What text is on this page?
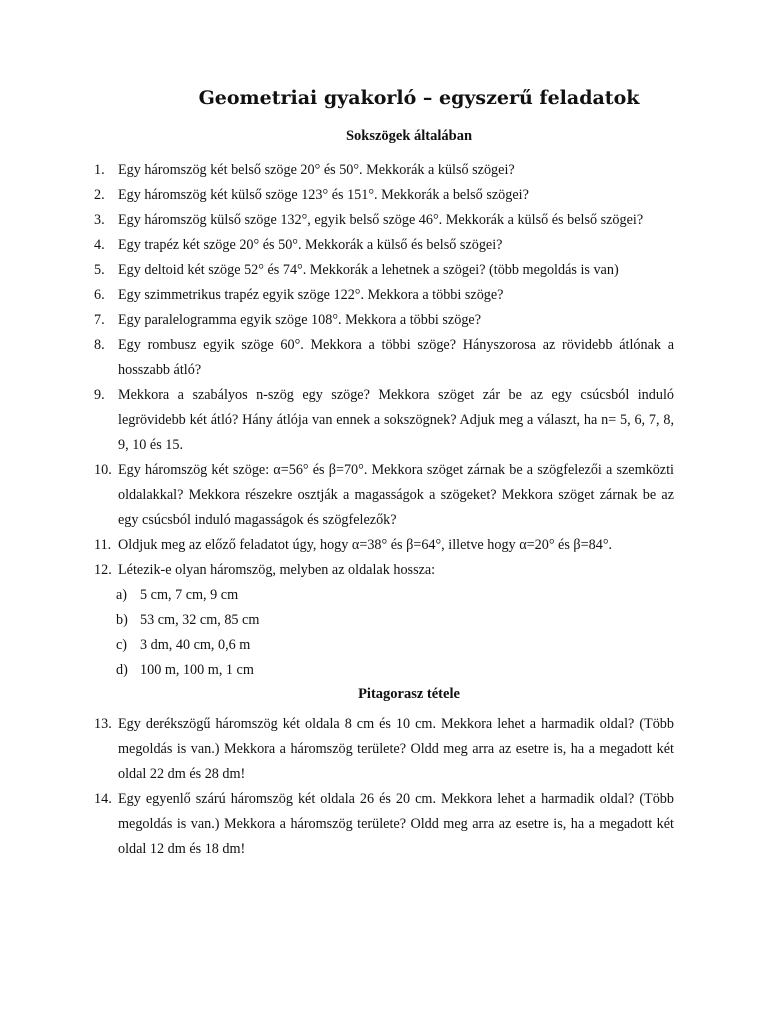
Geometriai gyakorló – egyszerű feladatok
Sokszögek általában
1. Egy háromszög két belső szöge 20° és 50°. Mekkorák a külső szögei?
2. Egy háromszög két külső szöge 123° és 151°. Mekkorák a belső szögei?
3. Egy háromszög külső szöge 132°, egyik belső szöge 46°. Mekkorák a külső és belső szögei?
4. Egy trapéz két szöge 20° és 50°. Mekkorák a külső és belső szögei?
5. Egy deltoid két szöge 52° és 74°. Mekkorák a lehetnek a szögei? (több megoldás is van)
6. Egy szimmetrikus trapéz egyik szöge 122°. Mekkora a többi szöge?
7. Egy paralelogramma egyik szöge 108°. Mekkora a többi szöge?
8. Egy rombusz egyik szöge 60°. Mekkora a többi szöge? Hányszorosa az rövidebb átlónak a hosszabb átló?
9. Mekkora a szabályos n-szög egy szöge? Mekkora szöget zár be az egy csúcsból induló legrövidebb két átló? Hány átlója van ennek a sokszögnek? Adjuk meg a választ, ha n= 5, 6, 7, 8, 9, 10 és 15.
10. Egy háromszög két szöge: α=56° és β=70°. Mekkora szöget zárnak be a szögfelezői a szemközti oldalakkal? Mekkora részekre osztják a magasságok a szögeket? Mekkora szöget zárnak be az egy csúcsból induló magasságok és szögfelezők?
11. Oldjuk meg az előző feladatot úgy, hogy α=38° és β=64°, illetve hogy α=20° és β=84°.
12. Létezik-e olyan háromszög, melyben az oldalak hossza:
a) 5 cm, 7 cm, 9 cm
b) 53 cm, 32 cm, 85 cm
c) 3 dm, 40 cm, 0,6 m
d) 100 m, 100 m, 1 cm
Pitagorasz tétele
13. Egy derékszögű háromszög két oldala 8 cm és 10 cm. Mekkora lehet a harmadik oldal? (Több megoldás is van.) Mekkora a háromszög területe? Oldd meg arra az esetre is, ha a megadott két oldal 22 dm és 28 dm!
14. Egy egyenlő szárú háromszög két oldala 26 és 20 cm. Mekkora lehet a harmadik oldal? (Több megoldás is van.) Mekkora a háromszög területe? Oldd meg arra az esetre is, ha a megadott két oldal 12 dm és 18 dm!
